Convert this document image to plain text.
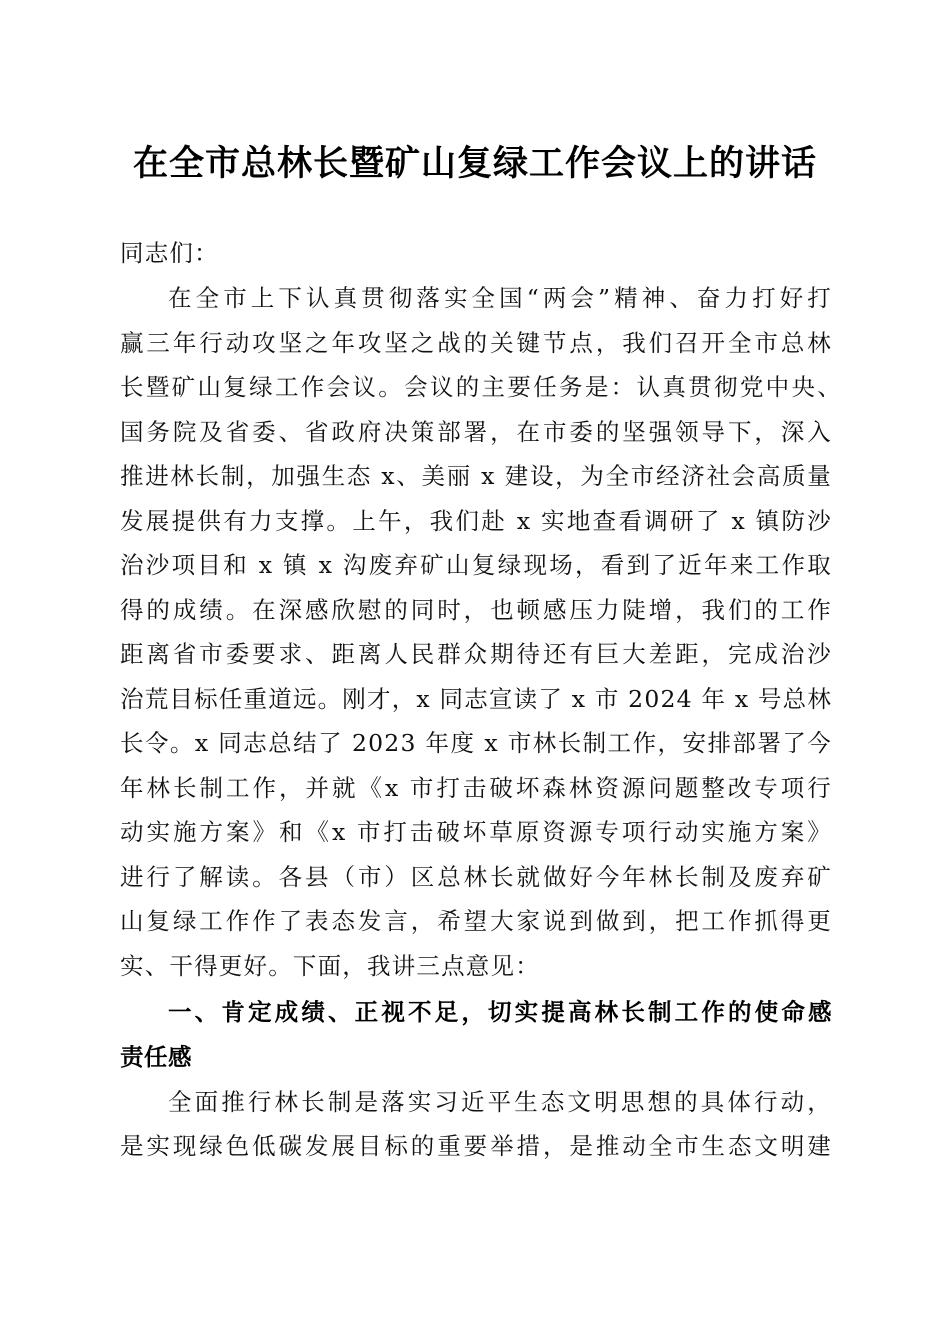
在全市总林长暨矿山复绿工作会议上的讲话
同志们：
在全市上下认真贯彻落实全国“两会”精神、奋力打好打
赢三年行动攻坚之年攻坚之战的关键节点，我们召开全市总林
长暨矿山复绿工作会议。会议的主要任务是：认真贯彻党中央、
国务院及省委、省政府决策部署，在市委的坚强领导下，深入
推进林长制，加强生态 x、美丽 x 建设，为全市经济社会高质量
发展提供有力支撑。上午，我们赴 x 实地查看调研了 x 镇防沙
治沙项目和 x 镇 x 沟废弃矿山复绿现场，看到了近年来工作取
得的成绩。在深感欣慰的同时，也顿感压力陡增，我们的工作
距离省市委要求、距离人民群众期待还有巨大差距，完成治沙
治荒目标任重道远。刚才，x 同志宣读了 x 市 2024 年 x 号总林
长令。x 同志总结了 2023 年度 x 市林长制工作，安排部署了今
年林长制工作，并就《x 市打击破坏森林资源问题整改专项行
动实施方案》和《x 市打击破坏草原资源专项行动实施方案》
进行了解读。各县（市）区总林长就做好今年林长制及废弃矿
山复绿工作作了表态发言，希望大家说到做到，把工作抓得更
实、干得更好。下面，我讲三点意见：
一、肯定成绩、正视不足，切实提高林长制工作的使命感
责任感
全面推行林长制是落实习近平生态文明思想的具体行动，
是实现绿色低碳发展目标的重要举措，是推动全市生态文明建
